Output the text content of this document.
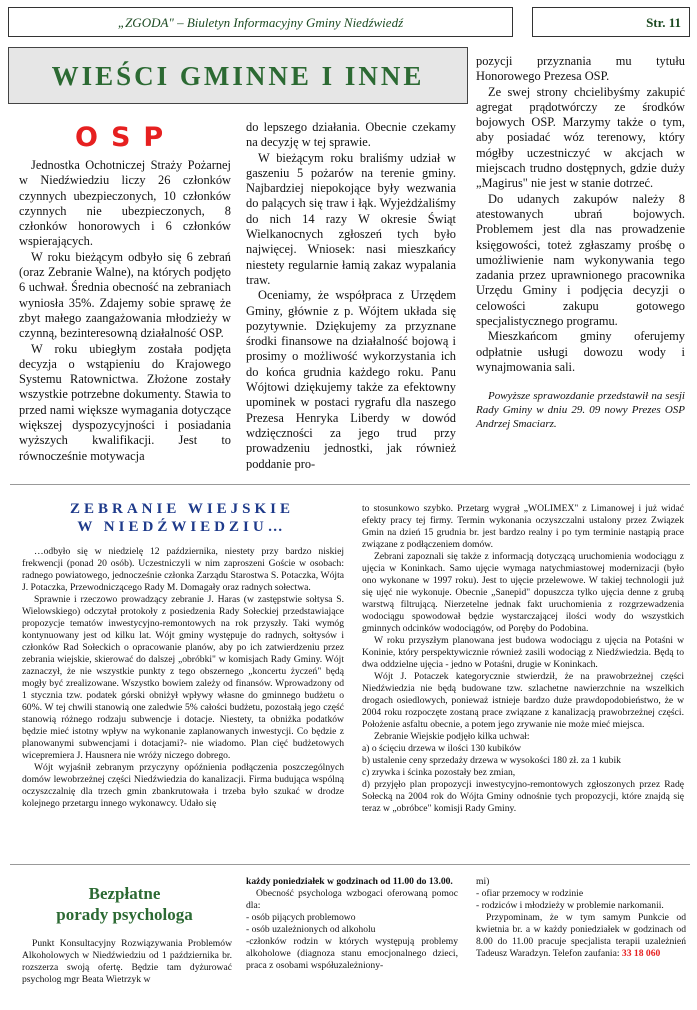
„ZGODA" – Biuletyn Informacyjny Gminy Niedźwiedź	Str. 11
WIEŚCI GMINNE I INNE
OSP

Jednostka Ochotniczej Straży Pożarnej w Niedźwiedziu liczy 26 członków czynnych ubezpieczonych, 10 członków czynnych nie ubezpieczonych, 8 członków honorowych i 6 członków wspierających.

W roku bieżącym odbyło się 6 zebrań (oraz Zebranie Walne), na których podjęto 6 uchwał. Średnia obecność na zebraniach wyniosła 35%. Zdajemy sobie sprawę że zbyt małego zaangażowania młodzieży w czynną, bezinteresowną działalność OSP.

W roku ubiegłym została podjęta decyzja o wstąpieniu do Krajowego Systemu Ratownictwa. Złożone zostały wszystkie potrzebne dokumenty. Stawia to przed nami większe wymagania dotyczące większej dyspozycyjności i posiadania wyższych kwalifikacji. Jest to równocześnie motywacja

do lepszego działania. Obecnie czekamy na decyzję w tej sprawie.

W bieżącym roku braliśmy udział w gaszeniu 5 pożarów na terenie gminy. Najbardziej niepokojące były wezwania do palących się traw i łąk. Wyjeżdżaliśmy do nich 14 razy W okresie Świąt Wielkanocnych zgłoszeń tych było najwięcej. Wniosek: nasi mieszkańcy niestety regularnie łamią zakaz wypalania traw.

Oceniamy, że współpraca z Urzędem Gminy, głównie z p. Wójtem układa się pozytywnie. Dziękujemy za przyznane środki finansowe na działalność bojową i prosimy o możliwość wykorzystania ich do końca grudnia każdego roku. Panu Wójtowi dziękujemy także za efektowny upominek w postaci rygrafu dla naszego Prezesa Henryka Liberdy w dowód wdzięczności za jego trud przy prowadzeniu jednostki, jak również poddanie pro-

pozycji przyznania mu tytułu Honorowego Prezesa OSP.

Ze swej strony chcielibyśmy zakupić agregat prądotwórczy ze środków bojowych OSP. Marzymy także o tym, aby posiadać wóz terenowy, który mógłby uczestniczyć w akcjach w miejscach trudno dostępnych, gdzie duży „Magirus" nie jest w stanie dotrzeć.

Do udanych zakupów należy 8 atestowanych ubrań bojowych. Problemem jest dla nas prowadzenie księgowości, toteż zgłaszamy prośbę o umożliwienie nam wykonywania tego zadania przez uprawnionego pracownika Urzędu Gminy i podjęcia decyzji o celowości zakupu gotowego specjalistycznego programu.

Mieszkańcom gminy oferujemy odpłatnie usługi dowozu wody i wynajmowania sali.

Powyższe sprawozdanie przedstawił na sesji Rady Gminy w dniu 29. 09 nowy Prezes OSP Andrzej Smaciarz.

ZEBRANIE WIEJSKIE
W NIEDŹWIEDZIU…

…odbyło się w niedzielę 12 października, niestety przy bardzo niskiej frekwencji (ponad 20 osób). Uczestniczyli w nim zaproszeni Goście w osobach: radnego powiatowego, jednocześnie członka Zarządu Starostwa S. Potaczka, Wójta J. Potaczka, Przewodniczącego Rady M. Domagały oraz radnych sołectwa.

Sprawnie i rzeczowo prowadzący zebranie J. Haras (w zastępstwie sołtysa S. Wielowskiego) odczytał protokoły z posiedzenia Rady Sołeckiej przedstawiające propozycje tematów inwestycyjno-remontowych na rok przyszły. Taki wymóg kontynuowany jest od kilku lat. Wójt gminy występuje do radnych, sołtysów i członków Rad Sołeckich o opracowanie planów, aby po ich zatwierdzeniu przez zebrania wiejskie, skierować do dalszej „obróbki" w komisjach Rady Gminy. Wójt zaznaczył, że nie wszystkie punkty z tego obszernego „koncertu życzeń" będą mogły być zrealizowane. Wszystko bowiem zależy od finansów. Wprowadzony od 1 stycznia tzw. podatek górski obniżył wpływy własne do gminnego budżetu o 60%. W tej chwili stanowią one zaledwie 5% całości budżetu, pozostałą jego część stanowią różnego rodzaju subwencje i dotacje. Niestety, ta obniżka podatków będzie mieć istotny wpływ na wykonanie zaplanowanych inwestycji. Co będzie z planowanymi subwencjami i dotacjami?- nie wiadomo. Plan cięć budżetowych wicepremiera J. Hausnera nie wróży niczego dobrego.

Wójt wyjaśnił zebranym przyczyny opóźnienia podłączenia poszczególnych domów lewobrzeżnej części Niedźwiedzia do kanalizacji. Firma budująca wspólną oczyszczalnię dla trzech gmin zbankrutowała i trzeba było szukać w drodze kolejnego przetargu innego wykonawcy. Udało się

to stosunkowo szybko. Przetarg wygrał „WOLIMEX" z Limanowej i już widać efekty pracy tej firmy. Termin wykonania oczyszczalni ustalony przez Związek Gmin na dzień 15 grudnia br. jest bardzo realny i po tym terminie nastąpią prace związane z podłączeniem domów.

Zebrani zapoznali się także z informacją dotyczącą uruchomienia wodociągu z ujęcia w Koninkach. Samo ujęcie wymaga natychmiastowej modernizacji (było ono wykonane w 1997 roku). Jest to ujęcie przelewowe. W takiej technologii już się ujęć nie wykonuje. Obecnie „Sanepid" dopuszcza tylko ujęcia denne z grubą warstwą filtrującą. Nierzetelne jednak fakt uruchomienia z rozgrzewadzenia wodociągu spowodował będzie wystarczającej ilości wody do wszystkich gminnych odcinków wodociągów, od Poręby do Podobina.

W roku przyszłym planowana jest budowa wodociągu z ujęcia na Potaśni w Koninie, który perspektywicznie również zasili wodociąg z Niedźwiedzia. Będą to dwa oddzielne ujęcia - jedno w Potaśni, drugie w Koninkach.

Wójt J. Potaczek kategorycznie stwierdził, że na prawobrzeżnej części Niedźwiedzia nie będą budowane tzw. szlachetne nawierzchnie na wszelkich drogach osiedlowych, ponieważ istnieje bardzo duże prawdopodobieństwo, że w 2004 roku rozpoczęte zostaną prace związane z kanalizacją prawobrzeżnej części. Położenie asfaltu obecnie, a potem jego zrywanie nie może mieć miejsca.

Zebranie Wiejskie podjęło kilka uchwał:

a) o ścięciu drzewa w ilości 130 kubików
b) ustalenie ceny sprzedaży drzewa w wysokości 180 zł. za 1 kubik
c) zrywka i ścinka pozostały bez zmian,
d) przyjęło plan propozycji inwestycyjno-remontowych zgłoszonych przez Radę Sołecką na 2004 rok do Wójta Gminy odnośnie tych propozycji, które znajdą się teraz w „obróbce" komisji Rady Gminy.
Bezpłatne
porady psychologa

Punkt Konsultacyjny Rozwiązywania Problemów Alkoholowych w Niedźwiedziu od 1 października br. rozszerza swoją ofertę. Będzie tam dyżurować psycholog mgr Beata Wietrzyk w

każdy poniedziałek w godzinach od 11.00 do 13.00.

Obecność psychologa wzbogaci oferowaną pomoc dla:

- osób pijących problemowo
- osób uzależnionych od alkoholu
-członków rodzin w których występują problemy alkoholowe (diagnoza stanu emocjonalnego dzieci, praca z osobami współuzależniony-
mi)
- ofiar przemocy w rodzinie
- rodziców i młodzieży w problemie narkomanii.

Przypominam, że w tym samym Punkcie od kwietnia br. a w każdy poniedziałek w godzinach od 8.00 do 11.00 pracuje specjalista terapii uzależnień Tadeusz Waradzyn. Telefon zaufania: 33 18 060
